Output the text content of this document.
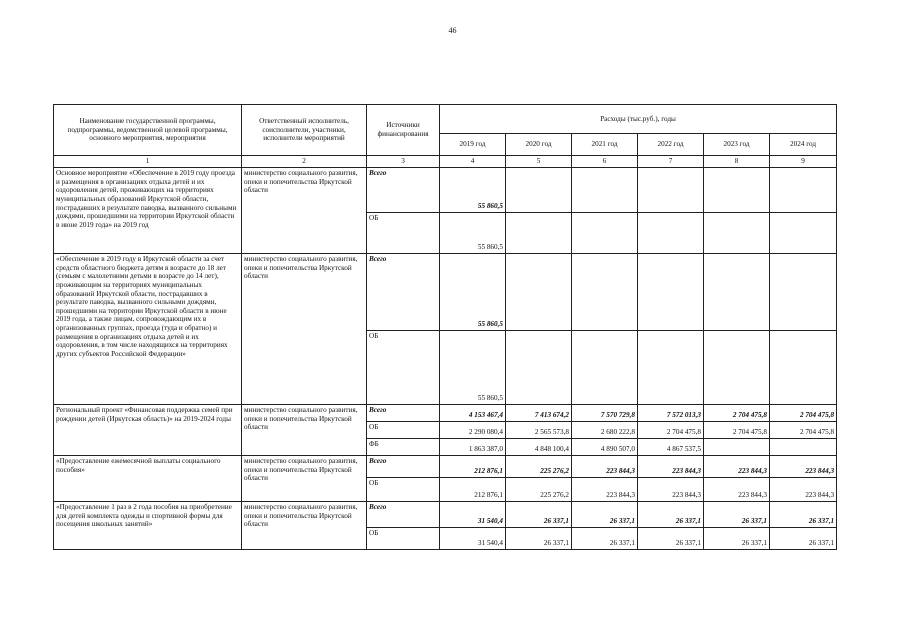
46
Наименование государственной программы, подпрограммы, ведомственной целевой программы, основного мероприятия, мероприятия	Ответственный исполнитель, соисполнители, участники, исполнители мероприятий	Источники финансирования	Расходы (тыс.руб.), годы					
			2019 год	2020 год	2021 год	2022 год	2023 год	2024 год
1	2	3	4	5	6	7	8	9
Основное мероприятие «Обеспечение в 2019 году проезда и размещения в организациях отдыха детей и их оздоровления детей, проживающих на территориях муниципальных образований Иркутской области, пострадавших в результате паводка, вызванного сильными дождями, прошедшими на территории Иркутской области в июне 2019 года» на 2019 год	министерство социального развития, опеки и попечительства Иркутской области	Всего	55 860,5					
		ОБ	55 860,5					
«Обеспечение в 2019 году в Иркутской области за счет средств областного бюджета детям в возрасте до 18 лет (семьям с малолетними детьми в возрасте до 14 лет), проживающим на территориях муниципальных образований Иркутской области, пострадавших в результате паводка, вызванного сильными дождями, прошедшими на территории Иркутской области в июне 2019 года, а также лицам, сопровождающим их в организованных группах, проезда (туда и обратно) и размещения в организациях отдыха детей и их оздоровления, в том числе находящихся на территориях других субъектов Российской Федерации»	министерство социального развития, опеки и попечительства Иркутской области	Всего	55 860,5					
		ОБ	55 860,5					
Региональный проект «Финансовая поддержка семей при рождении детей (Иркутская область)» на 2019-2024 годы	министерство социального развития, опеки и попечительства Иркутской области	Всего	4 153 467,4	7 413 674,2	7 570 729,8	7 572 013,3	2 704 475,8	2 704 475,8
		ОБ	2 290 080,4	2 565 573,8	2 680 222,8	2 704 475,8	2 704 475,8	2 704 475,8
		ФБ	1 863 387,0	4 848 100,4	4 890 507,0	4 867 537,5		
«Предоставление ежемесячной выплаты социального пособия»	министерство социального развития, опеки и попечительства Иркутской области	Всего	212 876,1	225 276,2	223 844,3	223 844,3	223 844,3	223 844,3
		ОБ	212 876,1	225 276,2	223 844,3	223 844,3	223 844,3	223 844,3
«Предоставление 1 раз в 2 года пособия на приобретение для детей комплекта одежды и спортивной формы для посещения школьных занятий»	министерство социального развития, опеки и попечительства Иркутской области	Всего	31 540,4	26 337,1	26 337,1	26 337,1	26 337,1	26 337,1
		ОБ	31 540,4	26 337,1	26 337,1	26 337,1	26 337,1	26 337,1
